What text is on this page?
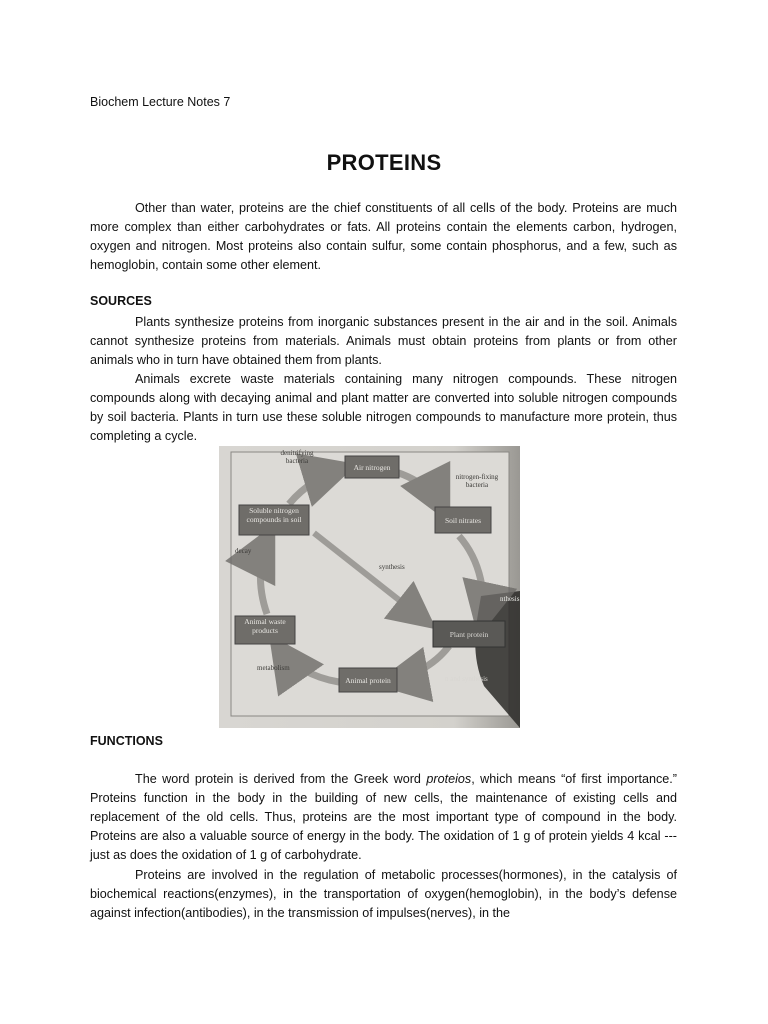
Biochem Lecture Notes 7
PROTEINS

Other than water, proteins are the chief constituents of all cells of the body. Proteins are much more complex than either carbohydrates or fats. All proteins contain the elements carbon, hydrogen, oxygen and nitrogen. Most proteins also contain sulfur, some contain phosphorus, and a few, such as hemoglobin, contain some other element.

SOURCES

Plants synthesize proteins from inorganic substances present in the air and in the soil. Animals cannot synthesize proteins from materials. Animals must obtain proteins from plants or from other animals who in turn have obtained them from plants.

Animals excrete waste materials containing many nitrogen compounds. These nitrogen compounds along with decaying animal and plant matter are converted into soluble nitrogen compounds by soil bacteria. Plants in turn use these soluble nitrogen compounds to manufacture more protein, thus completing a cycle.

Air nitrogen
Soil nitrates
Soluble nitrogen compounds in soil
Animal waste products	Plant protein
Animal protein
denitrifying bacteria
nitrogen-fixing bacteria
decay
synthesis
nthesis
metabolism
n and synthesis
FUNCTIONS

The word protein is derived from the Greek word proteios, which means “of first importance.” Proteins function in the body in the building of new cells, the maintenance of existing cells and replacement of the old cells. Thus, proteins are the most important type of compound in the body. Proteins are also a valuable source of energy in the body. The oxidation of 1 g of protein yields 4 kcal --- just as does the oxidation of 1 g of carbohydrate.

Proteins are involved in the regulation of metabolic processes(hormones), in the catalysis of biochemical reactions(enzymes), in the transportation of oxygen(hemoglobin), in the body’s defense against infection(antibodies), in the transmission of impulses(nerves), in the
